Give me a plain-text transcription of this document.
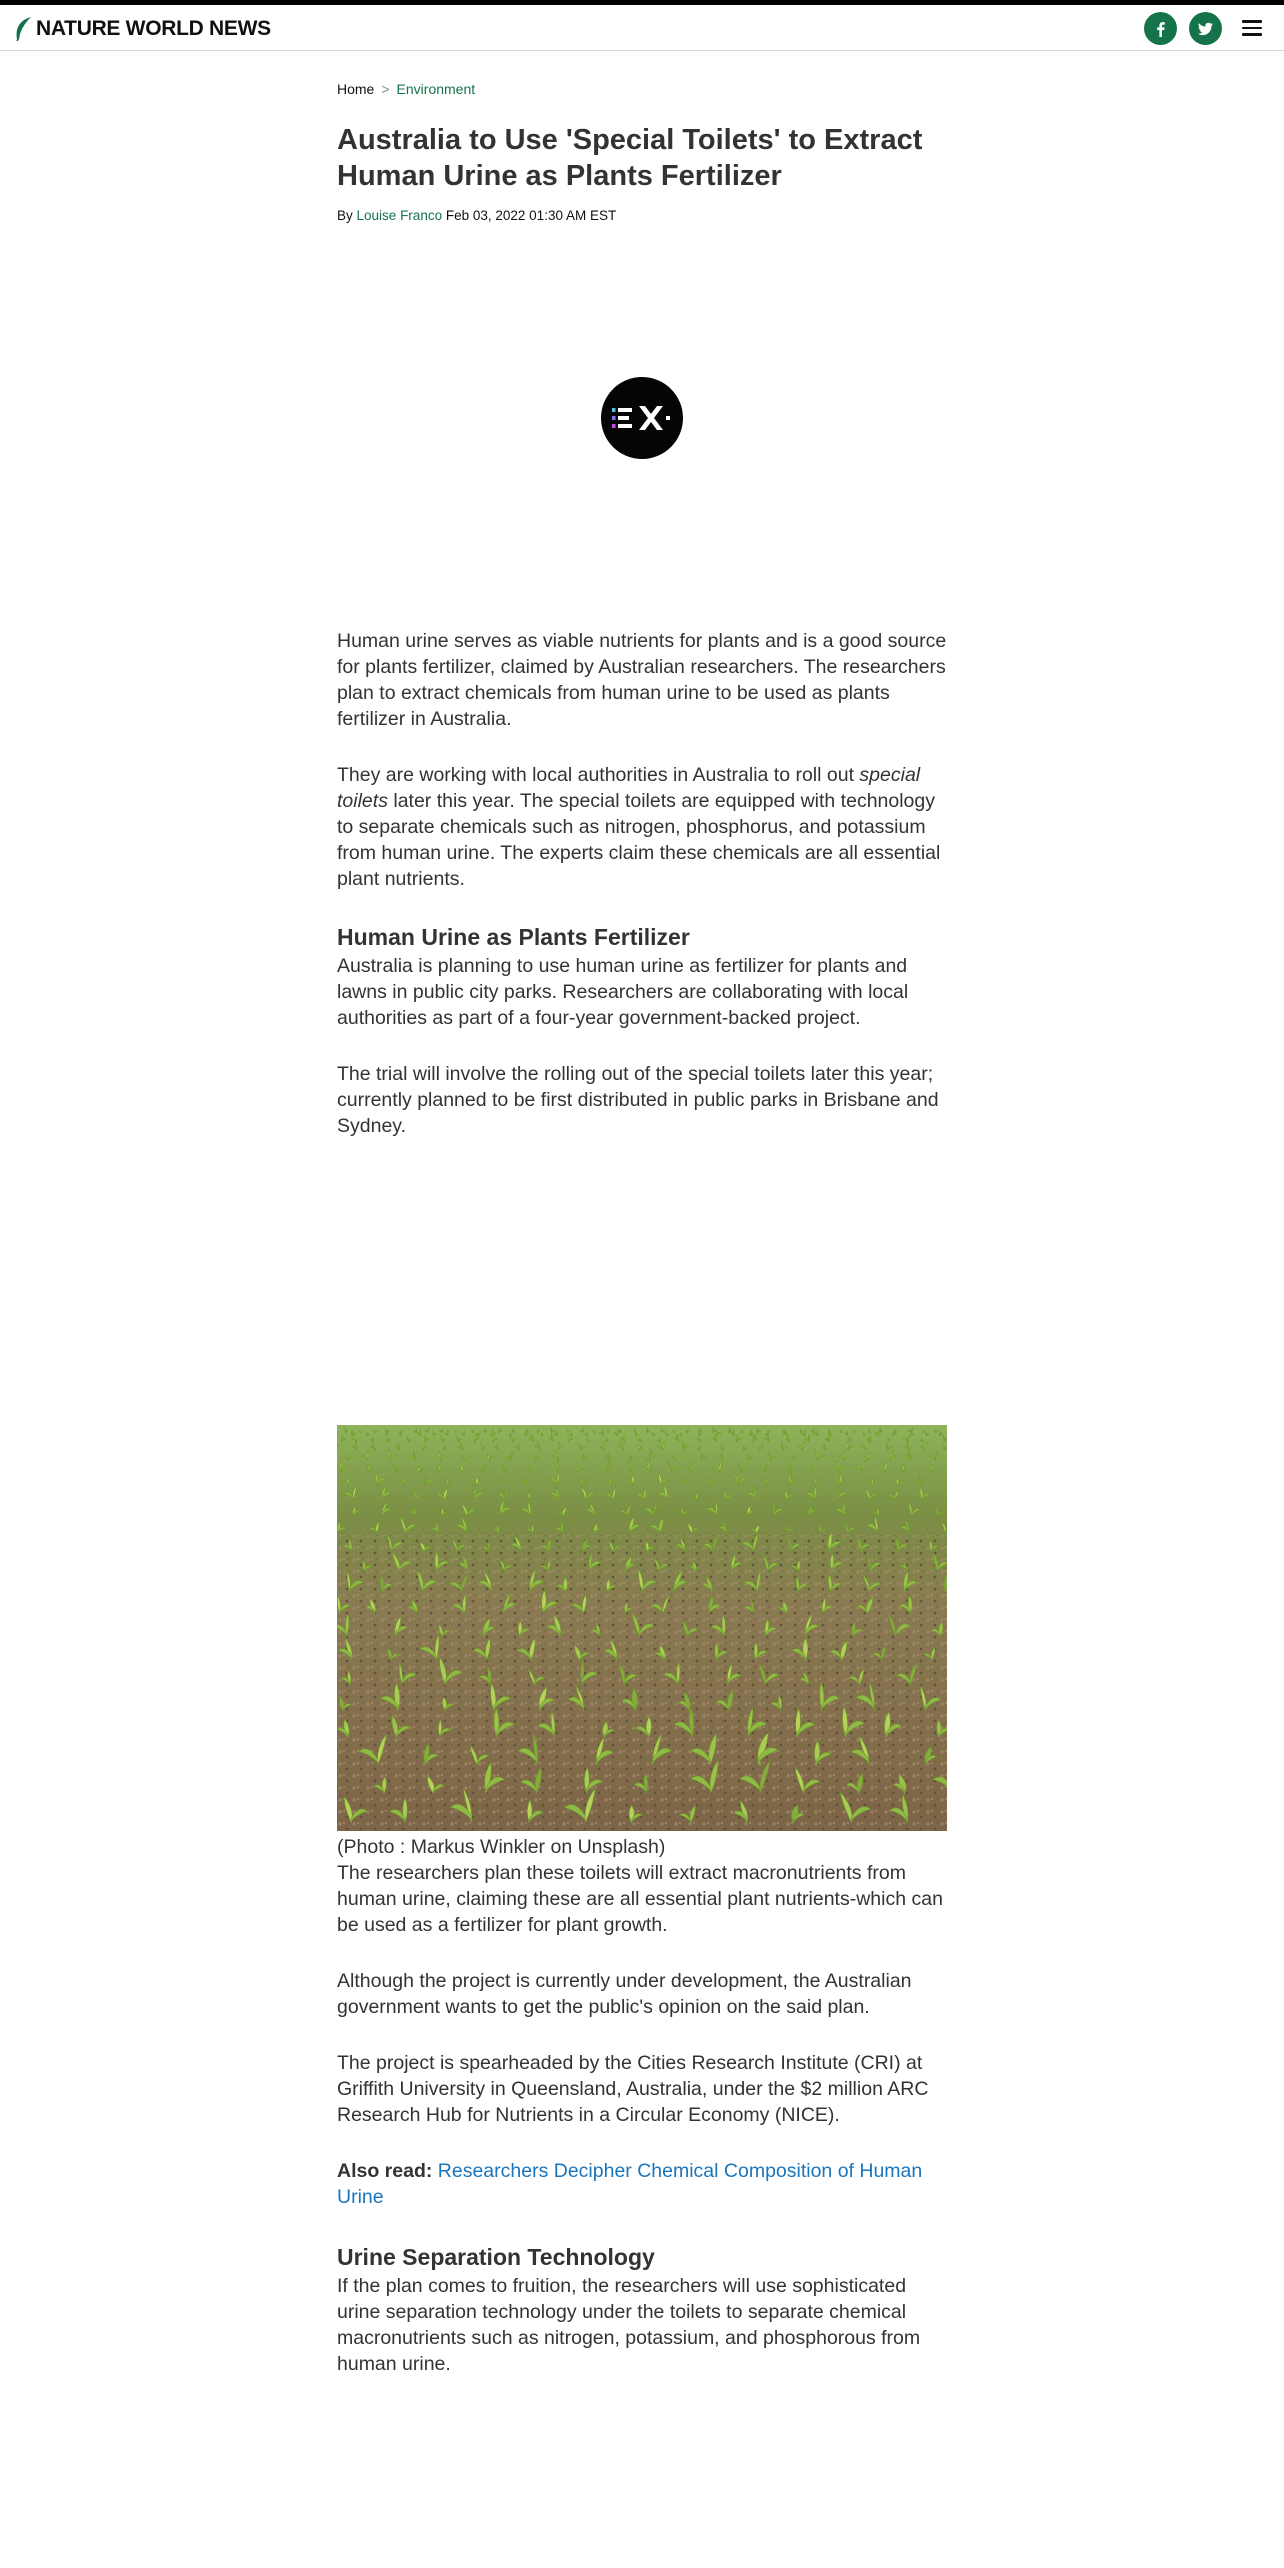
NATURE WORLD NEWS
Home > Environment
Australia to Use 'Special Toilets' to Extract Human Urine as Plants Fertilizer
By Louise Franco Feb 03, 2022 01:30 AM EST

Human urine serves as viable nutrients for plants and is a good source for plants fertilizer, claimed by Australian researchers. The researchers plan to extract chemicals from human urine to be used as plants fertilizer in Australia.

They are working with local authorities in Australia to roll out special toilets later this year. The special toilets are equipped with technology to separate chemicals such as nitrogen, phosphorus, and potassium from human urine. The experts claim these chemicals are all essential plant nutrients.

Human Urine as Plants Fertilizer

Australia is planning to use human urine as fertilizer for plants and lawns in public city parks. Researchers are collaborating with local authorities as part of a four-year government-backed project.

The trial will involve the rolling out of the special toilets later this year; currently planned to be first distributed in public parks in Brisbane and Sydney.

(Photo : Markus Winkler on Unsplash)

The researchers plan these toilets will extract macronutrients from human urine, claiming these are all essential plant nutrients-which can be used as a fertilizer for plant growth.

Although the project is currently under development, the Australian government wants to get the public's opinion on the said plan.

The project is spearheaded by the Cities Research Institute (CRI) at Griffith University in Queensland, Australia, under the $2 million ARC Research Hub for Nutrients in a Circular Economy (NICE).

Also read: Researchers Decipher Chemical Composition of Human Urine

Urine Separation Technology

If the plan comes to fruition, the researchers will use sophisticated urine separation technology under the toilets to separate chemical macronutrients such as nitrogen, potassium, and phosphorous from human urine.
